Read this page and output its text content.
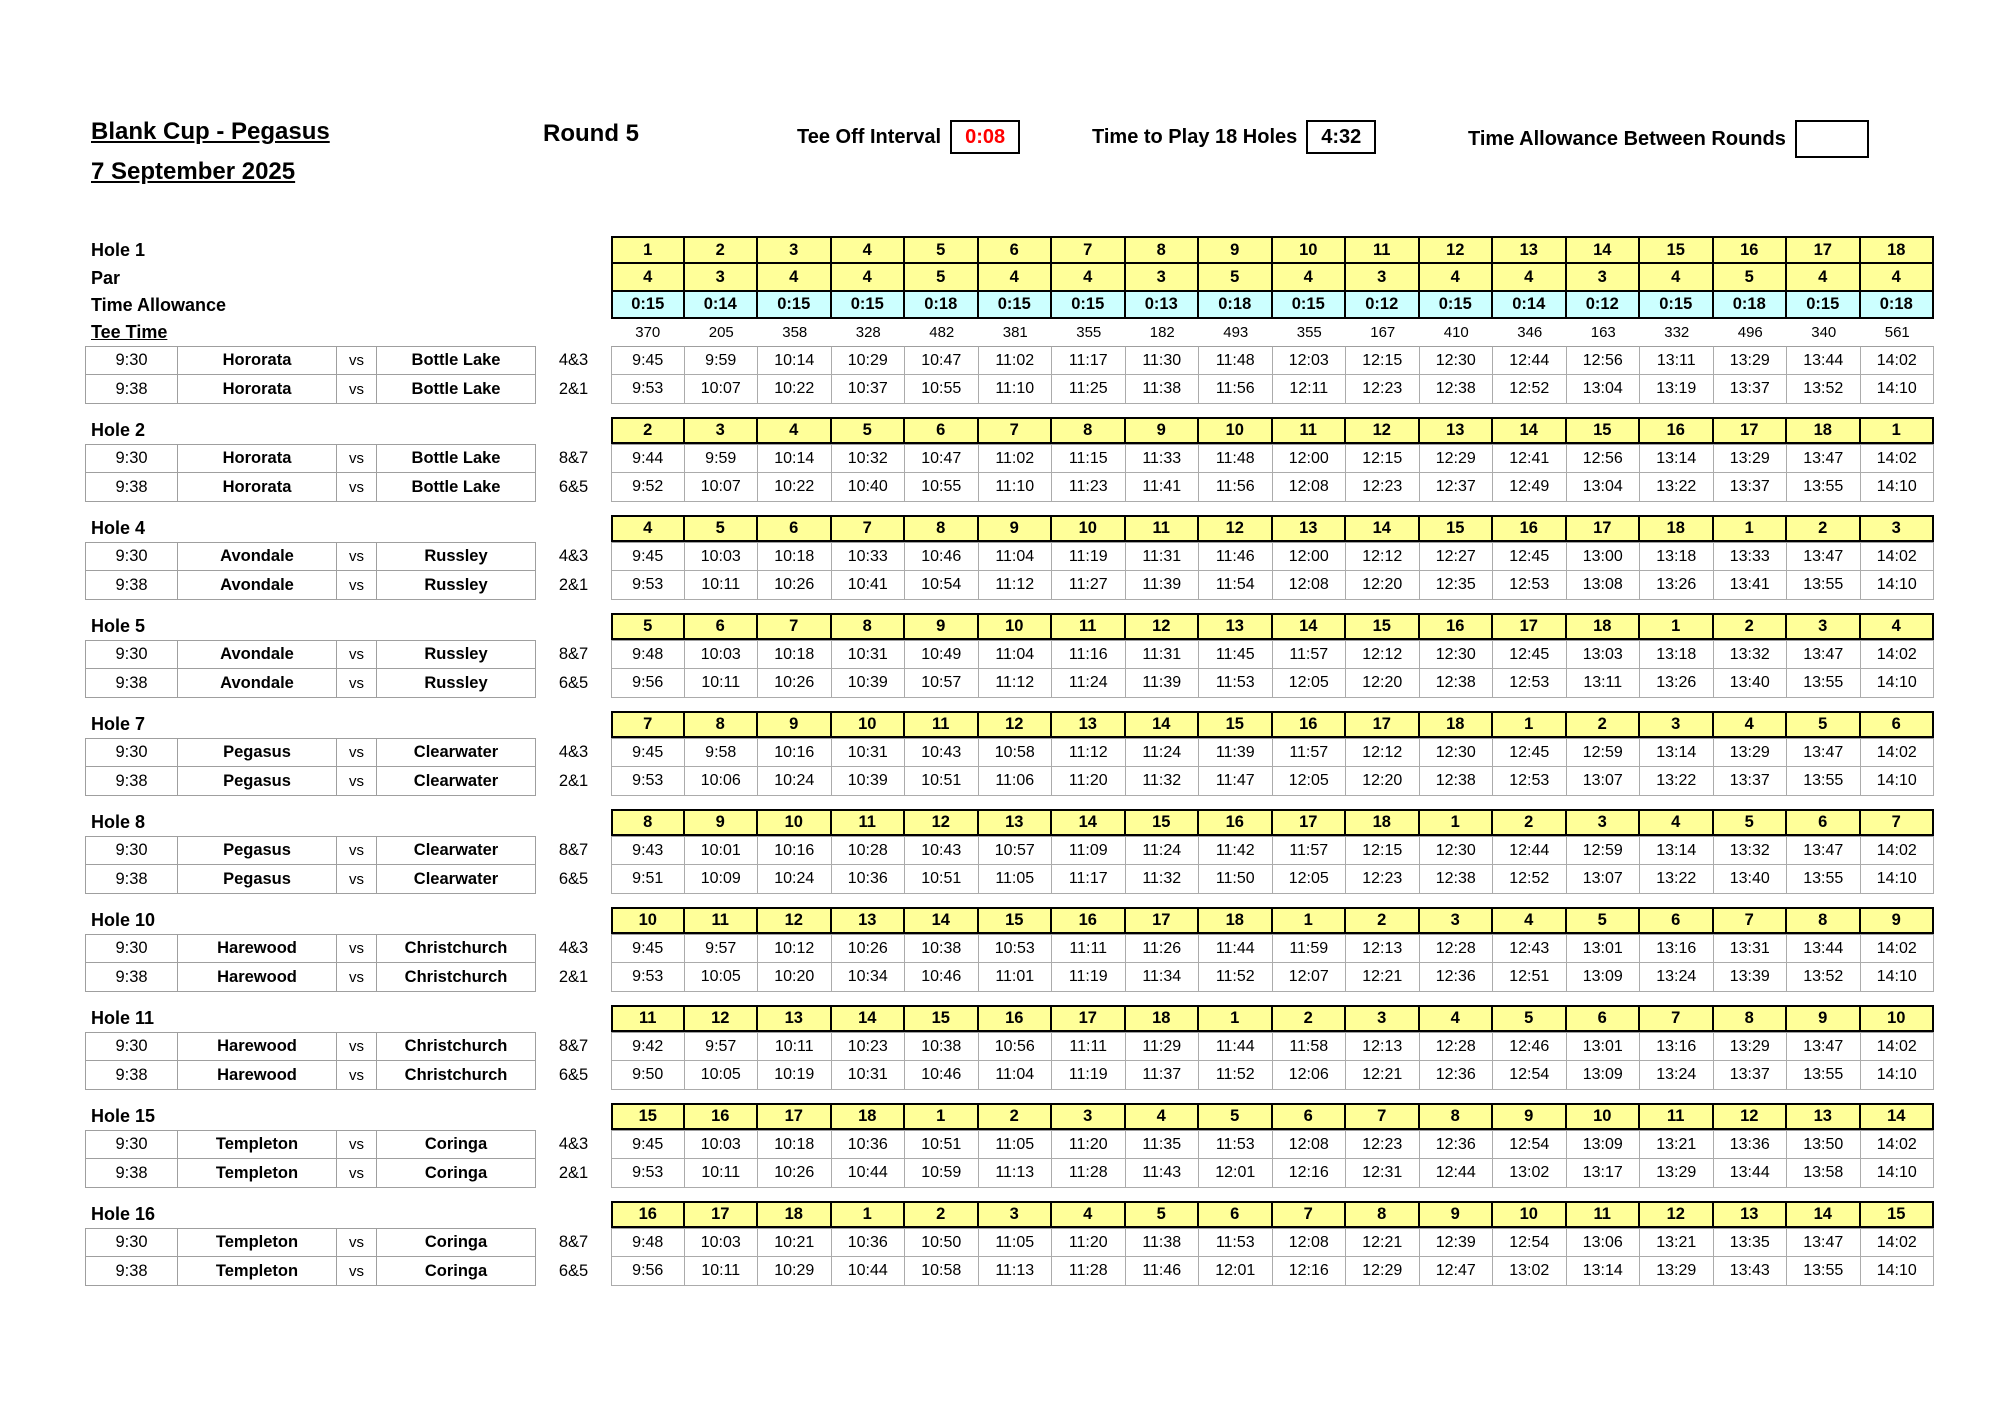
Blank Cup - Pegasus
7 September 2025
Round 5	Tee Off Interval	0:08	Time to Play 18 Holes	4:32	Time Allowance Between Rounds
Hole 1	1	2	3	4	5	6	7	8	9	10	11	12	13	14	15	16	17	18
Par	4	3	4	4	5	4	4	3	5	4	3	4	4	3	4	5	4	4
Time Allowance	0:15	0:14	0:15	0:15	0:18	0:15	0:15	0:13	0:18	0:15	0:12	0:15	0:14	0:12	0:15	0:18	0:15	0:18
Tee Time	370	205	358	328	482	381	355	182	493	355	167	410	346	163	332	496	340	561
9:30	Hororata	vs	Bottle Lake	4&3	9:45	9:59	10:14	10:29	10:47	11:02	11:17	11:30	11:48	12:03	12:15	12:30	12:44	12:56	13:11	13:29	13:44	14:02
9:38	Hororata	vs	Bottle Lake	2&1	9:53	10:07	10:22	10:37	10:55	11:10	11:25	11:38	11:56	12:11	12:23	12:38	12:52	13:04	13:19	13:37	13:52	14:10
Hole 2	2	3	4	5	6	7	8	9	10	11	12	13	14	15	16	17	18	1
9:30	Hororata	vs	Bottle Lake	8&7	9:44	9:59	10:14	10:32	10:47	11:02	11:15	11:33	11:48	12:00	12:15	12:29	12:41	12:56	13:14	13:29	13:47	14:02
9:38	Hororata	vs	Bottle Lake	6&5	9:52	10:07	10:22	10:40	10:55	11:10	11:23	11:41	11:56	12:08	12:23	12:37	12:49	13:04	13:22	13:37	13:55	14:10
Hole 4	4	5	6	7	8	9	10	11	12	13	14	15	16	17	18	1	2	3
9:30	Avondale	vs	Russley	4&3	9:45	10:03	10:18	10:33	10:46	11:04	11:19	11:31	11:46	12:00	12:12	12:27	12:45	13:00	13:18	13:33	13:47	14:02
9:38	Avondale	vs	Russley	2&1	9:53	10:11	10:26	10:41	10:54	11:12	11:27	11:39	11:54	12:08	12:20	12:35	12:53	13:08	13:26	13:41	13:55	14:10
Hole 5	5	6	7	8	9	10	11	12	13	14	15	16	17	18	1	2	3	4
9:30	Avondale	vs	Russley	8&7	9:48	10:03	10:18	10:31	10:49	11:04	11:16	11:31	11:45	11:57	12:12	12:30	12:45	13:03	13:18	13:32	13:47	14:02
9:38	Avondale	vs	Russley	6&5	9:56	10:11	10:26	10:39	10:57	11:12	11:24	11:39	11:53	12:05	12:20	12:38	12:53	13:11	13:26	13:40	13:55	14:10
Hole 7	7	8	9	10	11	12	13	14	15	16	17	18	1	2	3	4	5	6
9:30	Pegasus	vs	Clearwater	4&3	9:45	9:58	10:16	10:31	10:43	10:58	11:12	11:24	11:39	11:57	12:12	12:30	12:45	12:59	13:14	13:29	13:47	14:02
9:38	Pegasus	vs	Clearwater	2&1	9:53	10:06	10:24	10:39	10:51	11:06	11:20	11:32	11:47	12:05	12:20	12:38	12:53	13:07	13:22	13:37	13:55	14:10
Hole 8	8	9	10	11	12	13	14	15	16	17	18	1	2	3	4	5	6	7
9:30	Pegasus	vs	Clearwater	8&7	9:43	10:01	10:16	10:28	10:43	10:57	11:09	11:24	11:42	11:57	12:15	12:30	12:44	12:59	13:14	13:32	13:47	14:02
9:38	Pegasus	vs	Clearwater	6&5	9:51	10:09	10:24	10:36	10:51	11:05	11:17	11:32	11:50	12:05	12:23	12:38	12:52	13:07	13:22	13:40	13:55	14:10
Hole 10	10	11	12	13	14	15	16	17	18	1	2	3	4	5	6	7	8	9
9:30	Harewood	vs	Christchurch	4&3	9:45	9:57	10:12	10:26	10:38	10:53	11:11	11:26	11:44	11:59	12:13	12:28	12:43	13:01	13:16	13:31	13:44	14:02
9:38	Harewood	vs	Christchurch	2&1	9:53	10:05	10:20	10:34	10:46	11:01	11:19	11:34	11:52	12:07	12:21	12:36	12:51	13:09	13:24	13:39	13:52	14:10
Hole 11	11	12	13	14	15	16	17	18	1	2	3	4	5	6	7	8	9	10
9:30	Harewood	vs	Christchurch	8&7	9:42	9:57	10:11	10:23	10:38	10:56	11:11	11:29	11:44	11:58	12:13	12:28	12:46	13:01	13:16	13:29	13:47	14:02
9:38	Harewood	vs	Christchurch	6&5	9:50	10:05	10:19	10:31	10:46	11:04	11:19	11:37	11:52	12:06	12:21	12:36	12:54	13:09	13:24	13:37	13:55	14:10
Hole 15	15	16	17	18	1	2	3	4	5	6	7	8	9	10	11	12	13	14
9:30	Templeton	vs	Coringa	4&3	9:45	10:03	10:18	10:36	10:51	11:05	11:20	11:35	11:53	12:08	12:23	12:36	12:54	13:09	13:21	13:36	13:50	14:02
9:38	Templeton	vs	Coringa	2&1	9:53	10:11	10:26	10:44	10:59	11:13	11:28	11:43	12:01	12:16	12:31	12:44	13:02	13:17	13:29	13:44	13:58	14:10
Hole 16	16	17	18	1	2	3	4	5	6	7	8	9	10	11	12	13	14	15
9:30	Templeton	vs	Coringa	8&7	9:48	10:03	10:21	10:36	10:50	11:05	11:20	11:38	11:53	12:08	12:21	12:39	12:54	13:06	13:21	13:35	13:47	14:02
9:38	Templeton	vs	Coringa	6&5	9:56	10:11	10:29	10:44	10:58	11:13	11:28	11:46	12:01	12:16	12:29	12:47	13:02	13:14	13:29	13:43	13:55	14:10
